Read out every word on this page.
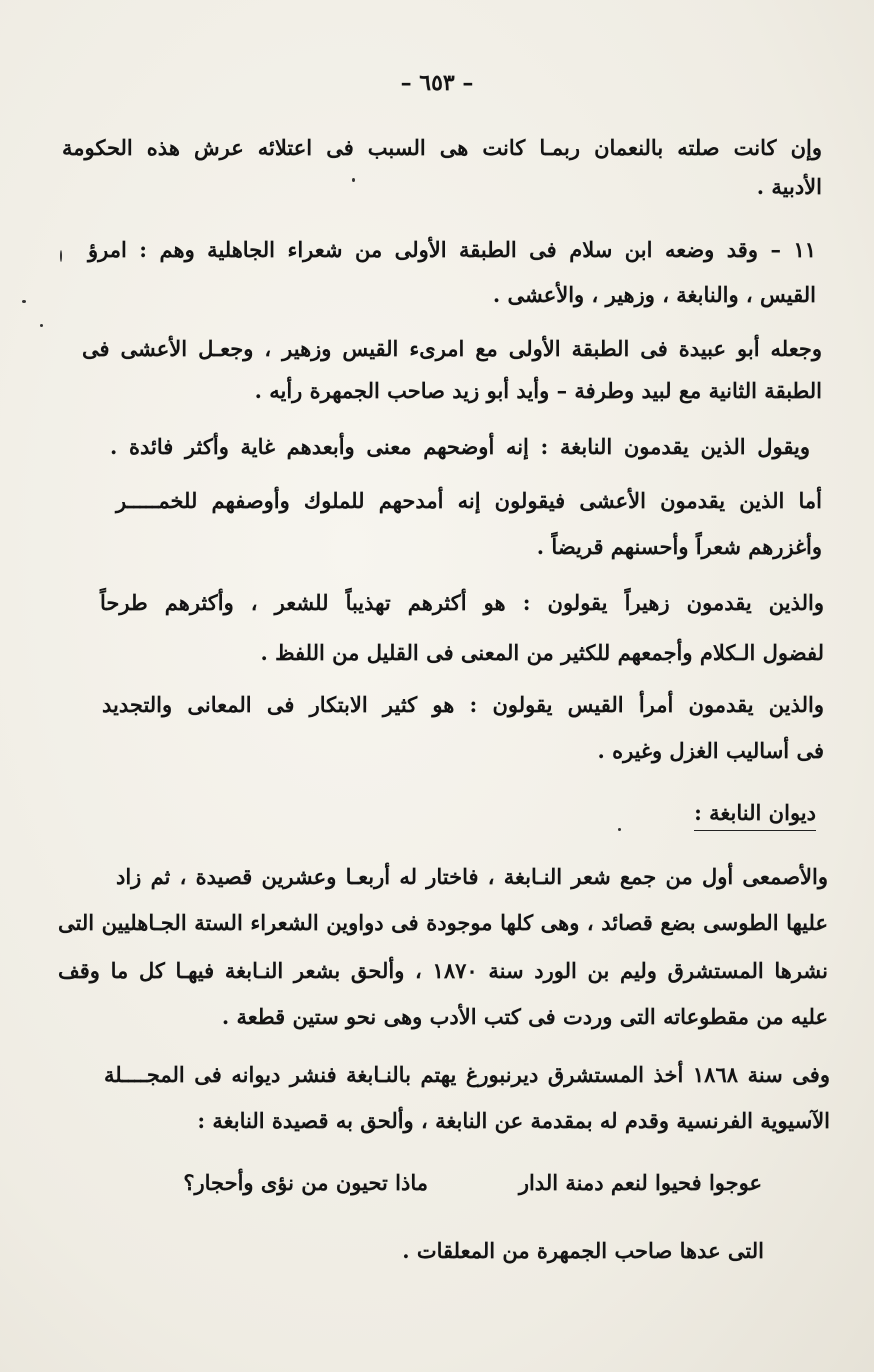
– ٦٥٣ –
وإن كانت صلته بالنعمان ربمـا كانت هى السبب فى اعتلائه عرش هذه الحكومة
الأدبية .
١١ – وقد وضعه ابن سلام فى الطبقة الأولى من شعراء الجاهلية وهم : امرؤ
القيس ، والنابغة ، وزهير ، والأعشى .
وجعله أبو عبيدة فى الطبقة الأولى مع امرىء القيس وزهير ، وجعـل الأعشى فى
الطبقة الثانية مع لبيد وطرفة – وأيد أبو زيد صاحب الجمهرة رأيه .
ويقول الذين يقدمون النابغة : إنه أوضحهم معنى وأبعدهم غاية وأكثر فائدة .
أما الذين يقدمون الأعشى فيقولون إنه أمدحهم للملوك وأوصفهم للخمـــــر
وأغزرهم شعراً وأحسنهم قريضاً .
والذين يقدمون زهيراً يقولون : هو أكثرهم تهذيباً للشعر ، وأكثرهم طرحاً
لفضول الـكلام وأجمعهم للكثير من المعنى فى القليل من اللفظ .
والذين يقدمون أمرأ القيس يقولون : هو كثير الابتكار فى المعانى والتجديد
فى أساليب الغزل وغيره .
ديوان النابغة :
والأصمعى أول من جمع شعر النـابغة ، فاختار له أربعـا وعشرين قصيدة ، ثم زاد
عليها الطوسى بضع قصائد ، وهى كلها موجودة فى دواوين الشعراء الستة الجـاهليين التى
نشرها المستشرق وليم بن الورد سنة ١٨٧٠ ، وألحق بشعر النـابغة فيهـا كل ما وقف
عليه من مقطوعاته التى وردت فى كتب الأدب وهى نحو ستين قطعة .
وفى سنة ١٨٦٨ أخذ المستشرق ديرنبورغ يهتم بالنـابغة فنشر ديوانه فى المجــــلة
الآسيوية الفرنسية وقدم له بمقدمة عن النابغة ، وألحق به قصيدة النابغة :
عوجوا فحيوا لنعم دمنة الدار
ماذا تحيون من نؤى وأحجار؟
التى عدها صاحب الجمهرة من المعلقات .
